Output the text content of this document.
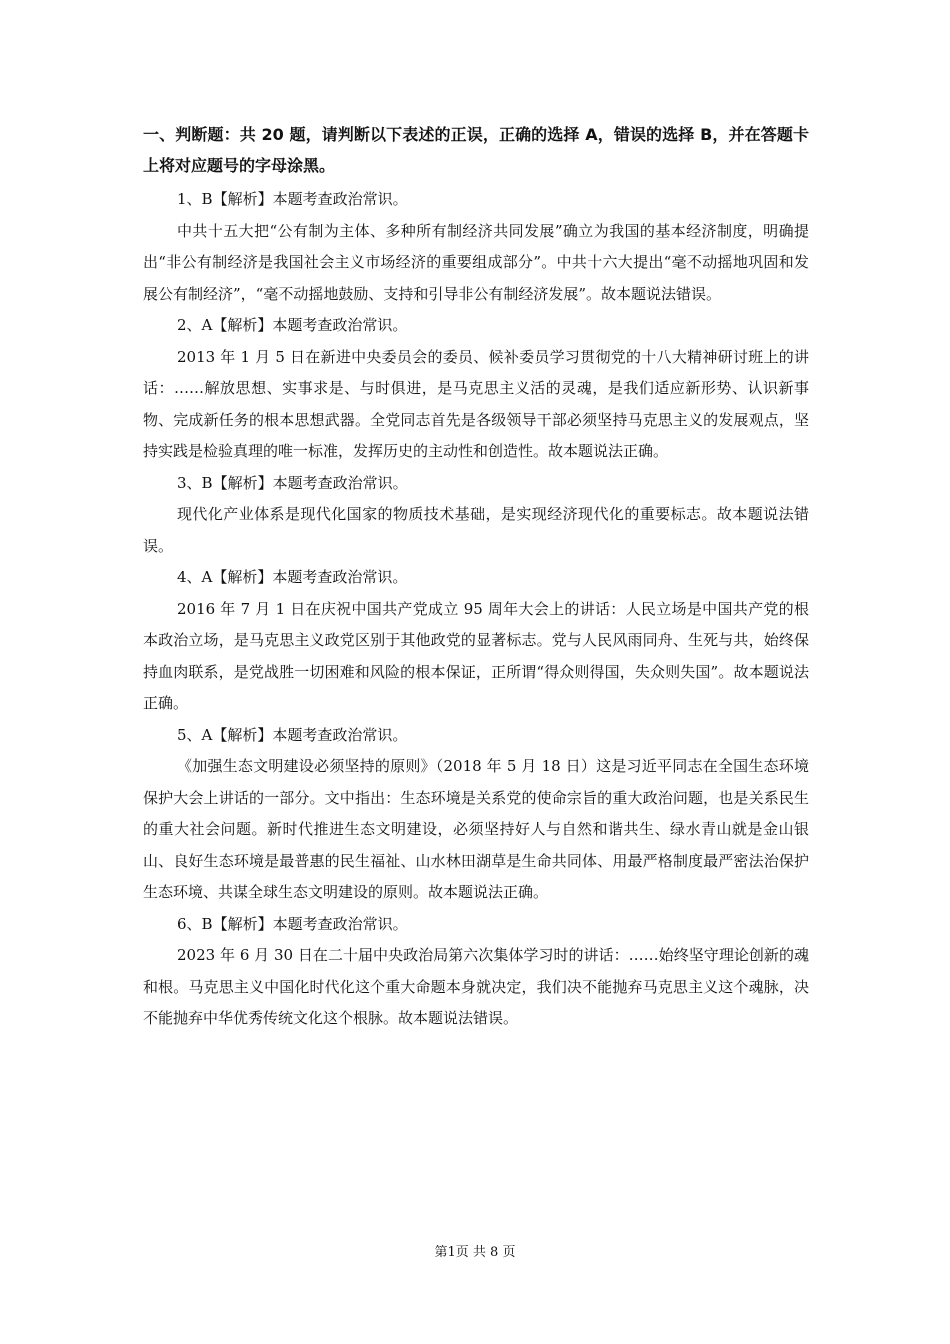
一、判断题：共 20 题，请判断以下表述的正误，正确的选择 A，错误的选择 B，并在答题卡上将对应题号的字母涂黑。

1、B【解析】本题考查政治常识。

中共十五大把“公有制为主体、多种所有制经济共同发展”确立为我国的基本经济制度，明确提出“非公有制经济是我国社会主义市场经济的重要组成部分”。中共十六大提出“毫不动摇地巩固和发展公有制经济”，“毫不动摇地鼓励、支持和引导非公有制经济发展”。故本题说法错误。

2、A【解析】本题考查政治常识。

2013 年 1 月 5 日在新进中央委员会的委员、候补委员学习贯彻党的十八大精神研讨班上的讲话：……解放思想、实事求是、与时俱进，是马克思主义活的灵魂，是我们适应新形势、认识新事物、完成新任务的根本思想武器。全党同志首先是各级领导干部必须坚持马克思主义的发展观点，坚持实践是检验真理的唯一标准，发挥历史的主动性和创造性。故本题说法正确。

3、B【解析】本题考查政治常识。

现代化产业体系是现代化国家的物质技术基础，是实现经济现代化的重要标志。故本题说法错误。

4、A【解析】本题考查政治常识。

2016 年 7 月 1 日在庆祝中国共产党成立 95 周年大会上的讲话：人民立场是中国共产党的根本政治立场，是马克思主义政党区别于其他政党的显著标志。党与人民风雨同舟、生死与共，始终保持血肉联系，是党战胜一切困难和风险的根本保证，正所谓“得众则得国，失众则失国”。故本题说法正确。

5、A【解析】本题考查政治常识。

《加强生态文明建设必须坚持的原则》（2018 年 5 月 18 日）这是习近平同志在全国生态环境保护大会上讲话的一部分。文中指出：生态环境是关系党的使命宗旨的重大政治问题，也是关系民生的重大社会问题。新时代推进生态文明建设，必须坚持好人与自然和谐共生、绿水青山就是金山银山、良好生态环境是最普惠的民生福祉、山水林田湖草是生命共同体、用最严格制度最严密法治保护生态环境、共谋全球生态文明建设的原则。故本题说法正确。

6、B【解析】本题考查政治常识。

2023 年 6 月 30 日在二十届中央政治局第六次集体学习时的讲话：……始终坚守理论创新的魂和根。马克思主义中国化时代化这个重大命题本身就决定，我们决不能抛弃马克思主义这个魂脉，决不能抛弃中华优秀传统文化这个根脉。故本题说法错误。

第1页 共 8 页
